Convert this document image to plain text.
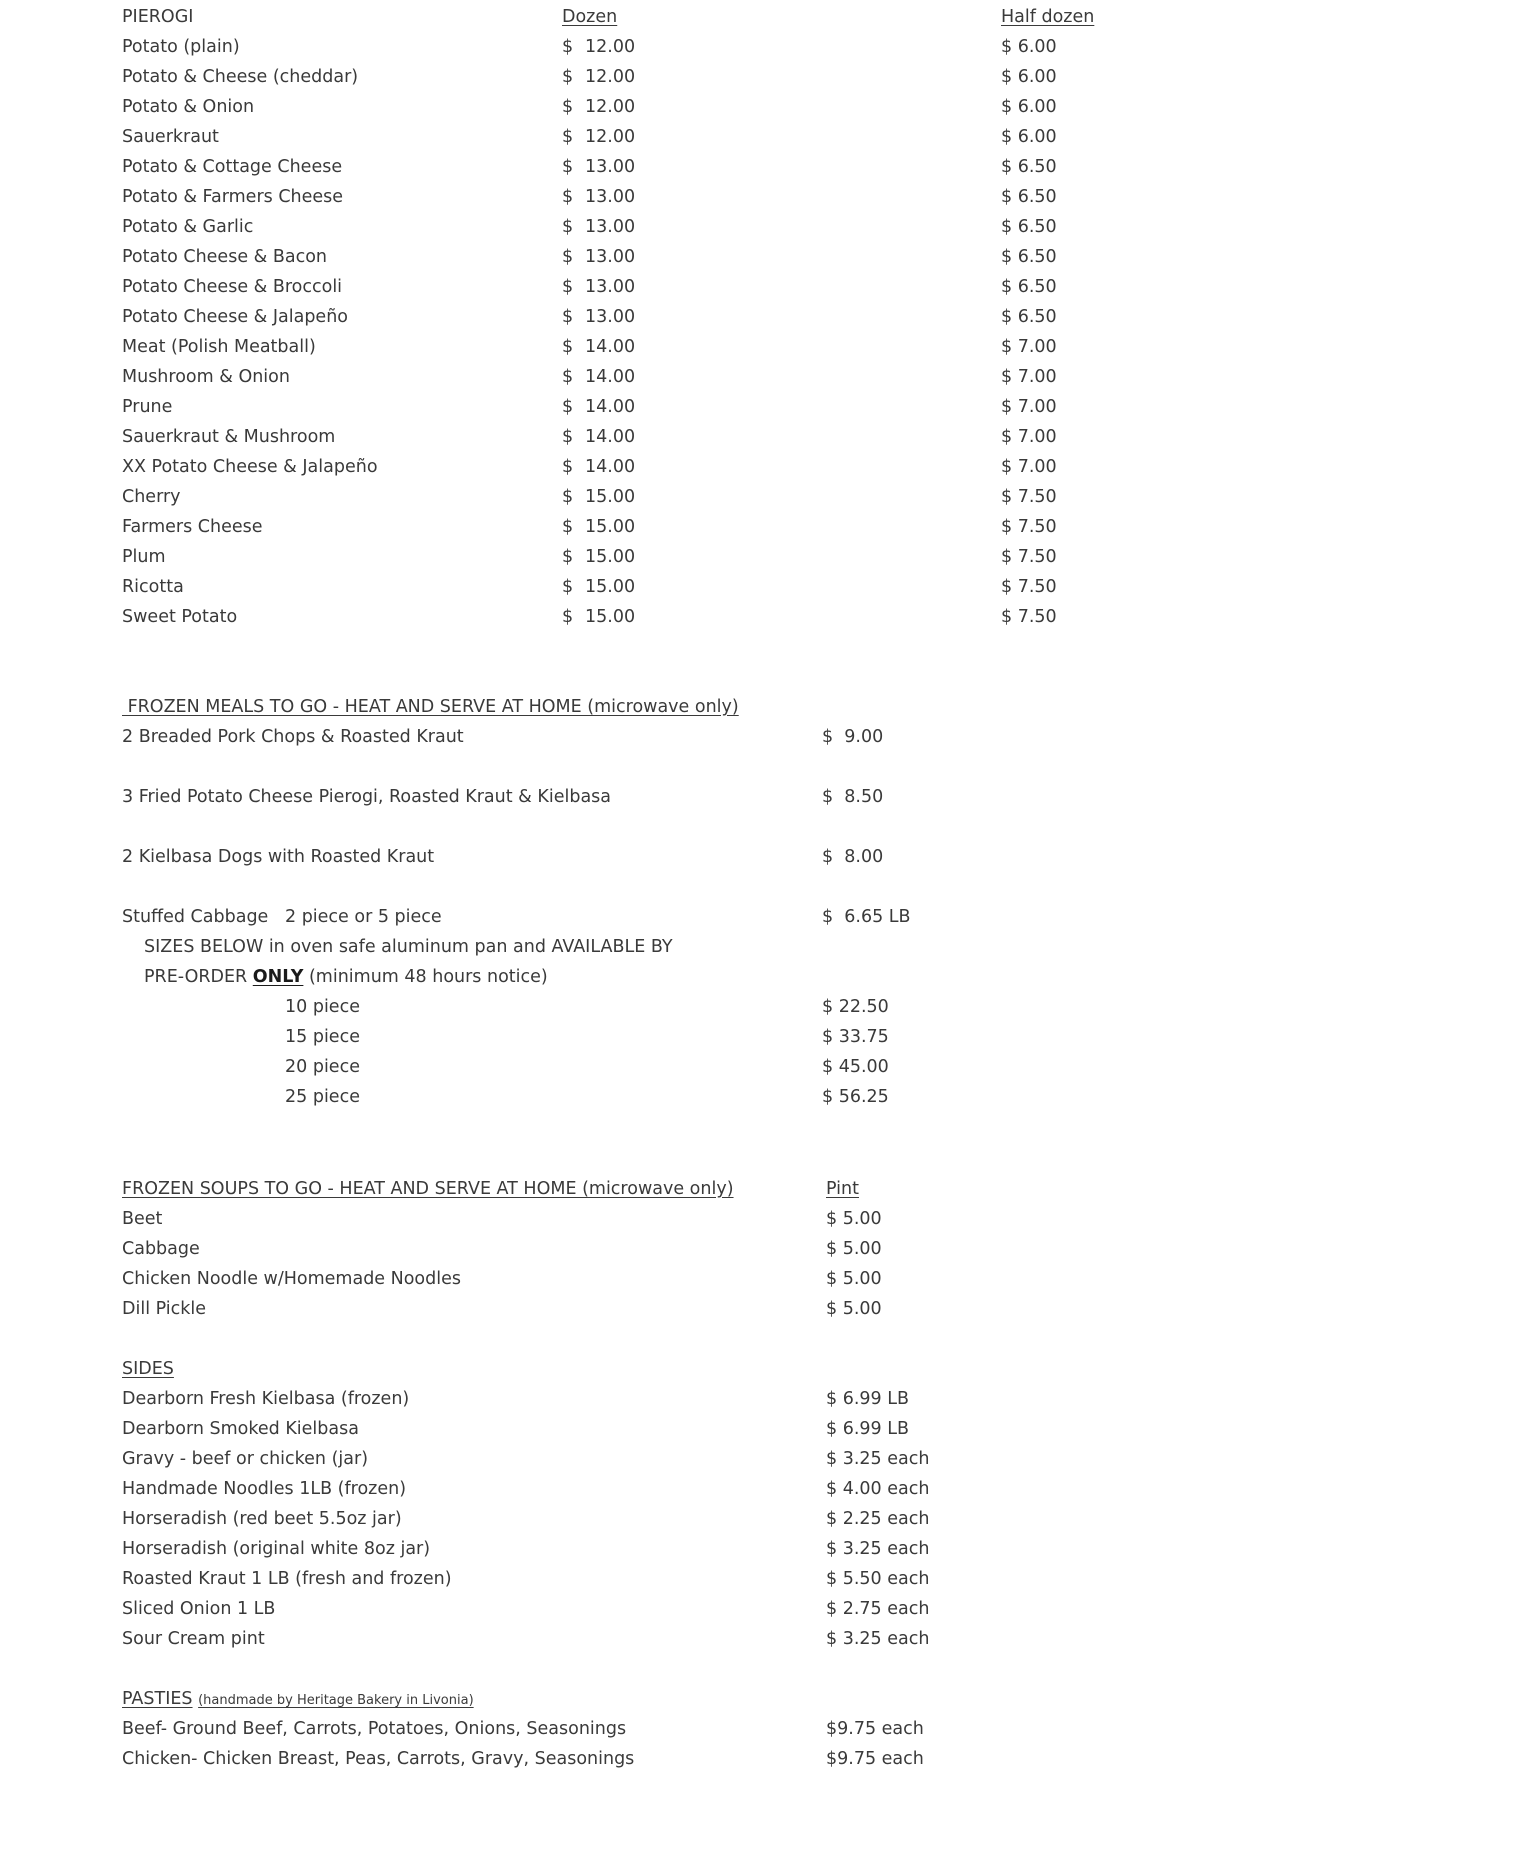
PIEROGI	Dozen	Half dozen
Potato (plain)	$ 12.00	$ 6.00
Potato & Cheese (cheddar)	$ 12.00	$ 6.00
Potato & Onion	$ 12.00	$ 6.00
Sauerkraut	$ 12.00	$ 6.00
Potato & Cottage Cheese	$ 13.00	$ 6.50
Potato & Farmers Cheese	$ 13.00	$ 6.50
Potato & Garlic	$ 13.00	$ 6.50
Potato Cheese & Bacon	$ 13.00	$ 6.50
Potato Cheese & Broccoli	$ 13.00	$ 6.50
Potato Cheese & Jalapeño	$ 13.00	$ 6.50
Meat (Polish Meatball)	$ 14.00	$ 7.00
Mushroom & Onion	$ 14.00	$ 7.00
Prune	$ 14.00	$ 7.00
Sauerkraut & Mushroom	$ 14.00	$ 7.00
XX Potato Cheese & Jalapeño	$ 14.00	$ 7.00
Cherry	$ 15.00	$ 7.50
Farmers Cheese	$ 15.00	$ 7.50
Plum	$ 15.00	$ 7.50
Ricotta	$ 15.00	$ 7.50
Sweet Potato	$ 15.00	$ 7.50
FROZEN MEALS TO GO - HEAT AND SERVE AT HOME (microwave only)
2 Breaded Pork Chops & Roasted Kraut	$  9.00
3 Fried Potato Cheese Pierogi, Roasted Kraut & Kielbasa	$  8.50
2 Kielbasa Dogs with Roasted Kraut	$  8.00
Stuffed Cabbage 2 piece or 5 piece	$  6.65 LB
SIZES BELOW in oven safe aluminum pan and AVAILABLE BY
PRE-ORDER ONLY (minimum 48 hours notice)
10 piece	$ 22.50
15 piece	$ 33.75
20 piece	$ 45.00
25 piece	$ 56.25
FROZEN SOUPS TO GO - HEAT AND SERVE AT HOME (microwave only)	Pint
Beet	$ 5.00
Cabbage	$ 5.00
Chicken Noodle w/Homemade Noodles	$ 5.00
Dill Pickle	$ 5.00
SIDES
Dearborn Fresh Kielbasa (frozen)	$ 6.99 LB
Dearborn Smoked Kielbasa	$ 6.99 LB
Gravy - beef or chicken (jar)	$ 3.25 each
Handmade Noodles 1LB (frozen)	$ 4.00 each
Horseradish (red beet 5.5oz jar)	$ 2.25 each
Horseradish (original white 8oz jar)	$ 3.25 each
Roasted Kraut 1 LB (fresh and frozen)	$ 5.50 each
Sliced Onion 1 LB	$ 2.75 each
Sour Cream pint	$ 3.25 each
PASTIES (handmade by Heritage Bakery in Livonia)
Beef- Ground Beef, Carrots, Potatoes, Onions, Seasonings	$9.75 each
Chicken- Chicken Breast, Peas, Carrots, Gravy, Seasonings	$9.75 each
